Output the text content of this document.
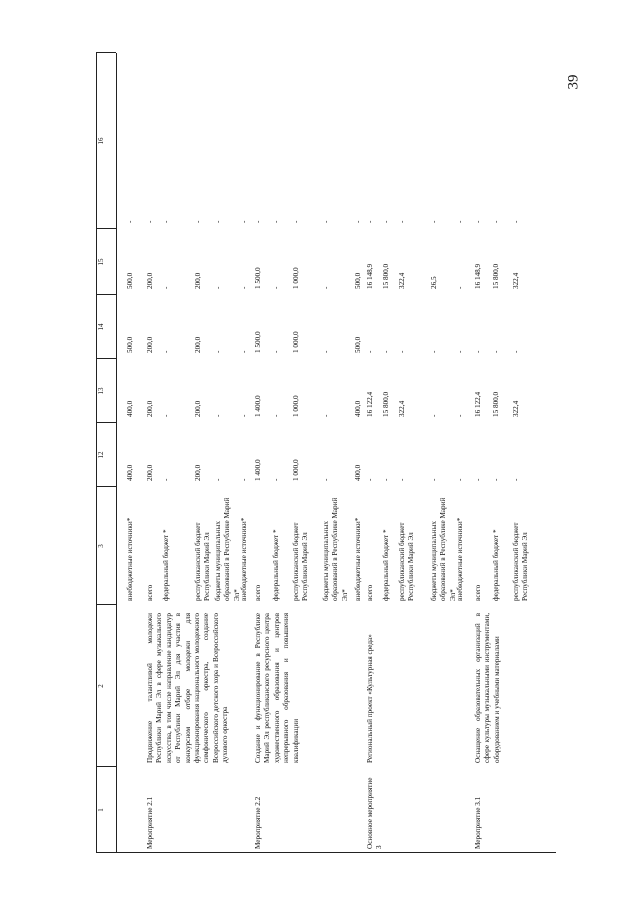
39
1
2
3
12
13
14
15
16
внебюджетные источники*
400,0
400,0
500,0
500,0
-
Мероприятие 2.1
Продвижение талантливой молодежи Республики Марий Эл в сфере музыкального искусства, в том числе направление кандидатур от Республики Марий Эл для участия в конкурсном отборе молодежи для функционирования национального молодежного симфонического оркестра, создание Всероссийского детского хора и Всероссийского духового оркестра
всего
200,0
200,0
200,0
200,0
-
федеральный бюджет *
-
-
-
-
-
республиканский бюджет Республики Марий Эл
200,0
200,0
200,0
200,0
-
бюджеты муниципальных образований в Республике Марий Эл*
-
-
-
-
-
внебюджетные источники*
-
-
-
-
-
Мероприятие 2.2
Создание и функционирование в Республике Марий Эл республиканского ресурсного центра художественного образования и центров непрерывного образования и повышения квалификации
всего
1 400,0
1 400,0
1 500,0
1 500,0
-
федеральный бюджет *
-
-
-
-
-
республиканский бюджет Республики Марий Эл
1 000,0
1 000,0
1 000,0
1 000,0
-
бюджеты муниципальных образований в Республике Марий Эл*
-
-
-
-
-
внебюджетные источники*
400,0
400,0
500,0
500,0
-
Основное мероприятие 3
Региональный проект «Культурная среда»
всего
-
16 122,4
-
16 148,9
-
федеральный бюджет *
-
15 800,0
-
15 800,0
-
республиканский бюджет Республики Марий Эл
-
322,4
-
322,4
-
бюджеты муниципальных образований в Республике Марий Эл*
-
-
-
26,5
-
внебюджетные источники*
-
-
-
-
-
Мероприятие 3.1
Оснащение образовательных организаций в сфере культуры музыкальными инструментами, оборудованием и учебными материалами
всего
-
16 122,4
-
16 148,9
-
федеральный бюджет *
-
15 800,0
-
15 800,0
-
республиканский бюджет Республики Марий Эл
-
322,4
-
322,4
-
